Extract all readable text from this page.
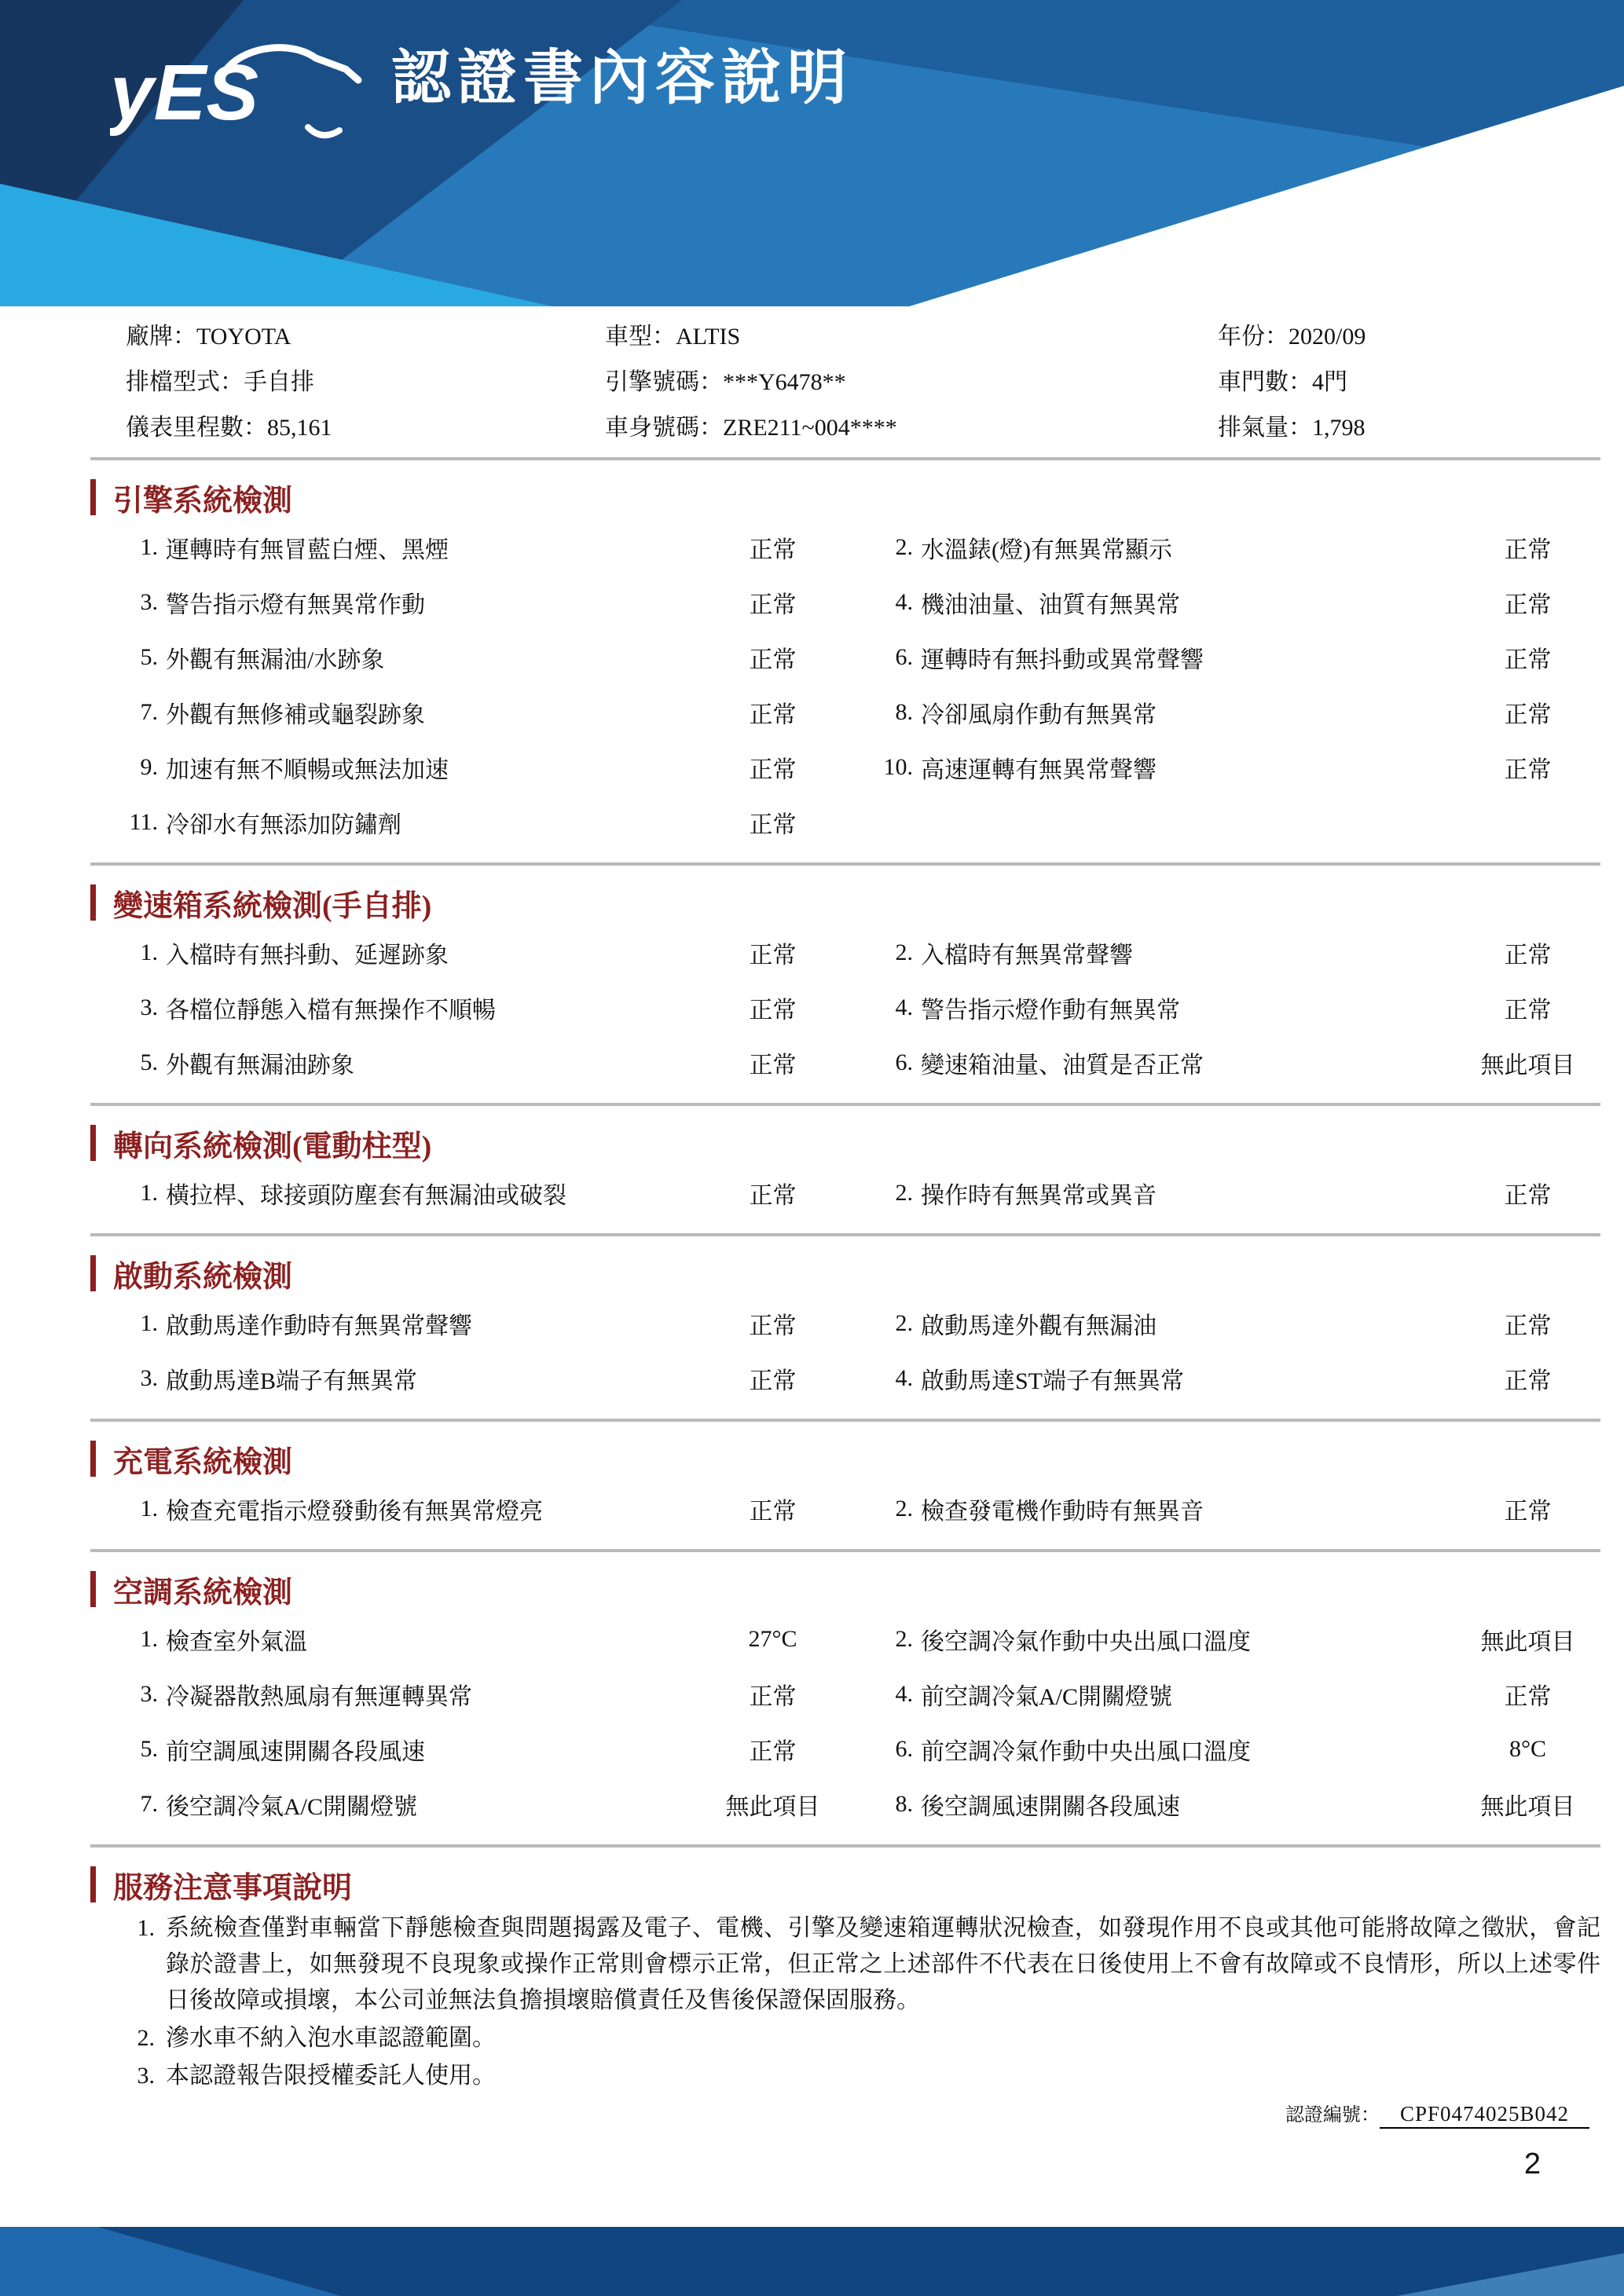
yES 認證書內容說明
廠牌：TOYOTA	車型：ALTIS	年份：2020/09
排檔型式：手自排	引擎號碼：***Y6478**	車門數：4門
儀表里程數：85,161	車身號碼：ZRE211~004****	排氣量：1,798
引擎系統檢測
1. 運轉時有無冒藍白煙、黑煙	正常	2. 水溫錶(燈)有無異常顯示	正常
3. 警告指示燈有無異常作動	正常	4. 機油油量、油質有無異常	正常
5. 外觀有無漏油/水跡象	正常	6. 運轉時有無抖動或異常聲響	正常
7. 外觀有無修補或龜裂跡象	正常	8. 冷卻風扇作動有無異常	正常
9. 加速有無不順暢或無法加速	正常	10. 高速運轉有無異常聲響	正常
11. 冷卻水有無添加防鏽劑	正常
變速箱系統檢測(手自排)
1. 入檔時有無抖動、延遲跡象	正常	2. 入檔時有無異常聲響	正常
3. 各檔位靜態入檔有無操作不順暢	正常	4. 警告指示燈作動有無異常	正常
5. 外觀有無漏油跡象	正常	6. 變速箱油量、油質是否正常	無此項目
轉向系統檢測(電動柱型)
1. 橫拉桿、球接頭防塵套有無漏油或破裂	正常	2. 操作時有無異常或異音	正常
啟動系統檢測
1. 啟動馬達作動時有無異常聲響	正常	2. 啟動馬達外觀有無漏油	正常
3. 啟動馬達B端子有無異常	正常	4. 啟動馬達ST端子有無異常	正常
充電系統檢測
1. 檢查充電指示燈發動後有無異常燈亮	正常	2. 檢查發電機作動時有無異音	正常
空調系統檢測
1. 檢查室外氣溫	27°C	2. 後空調冷氣作動中央出風口溫度	無此項目
3. 冷凝器散熱風扇有無運轉異常	正常	4. 前空調冷氣A/C開關燈號	正常
5. 前空調風速開關各段風速	正常	6. 前空調冷氣作動中央出風口溫度	8°C
7. 後空調冷氣A/C開關燈號	無此項目	8. 後空調風速開關各段風速	無此項目
服務注意事項說明
1. 系統檢查僅對車輛當下靜態檢查與問題揭露及電子、電機、引擎及變速箱運轉狀況檢查，如發現作用不良或其他可能將故障之徵狀，會記錄於證書上，如無發現不良現象或操作正常則會標示正常，但正常之上述部件不代表在日後使用上不會有故障或不良情形，所以上述零件日後故障或損壞，本公司並無法負擔損壞賠償責任及售後保證保固服務。
2. 滲水車不納入泡水車認證範圍。
3. 本認證報告限授權委託人使用。
認證編號： CPF0474025B042
2
